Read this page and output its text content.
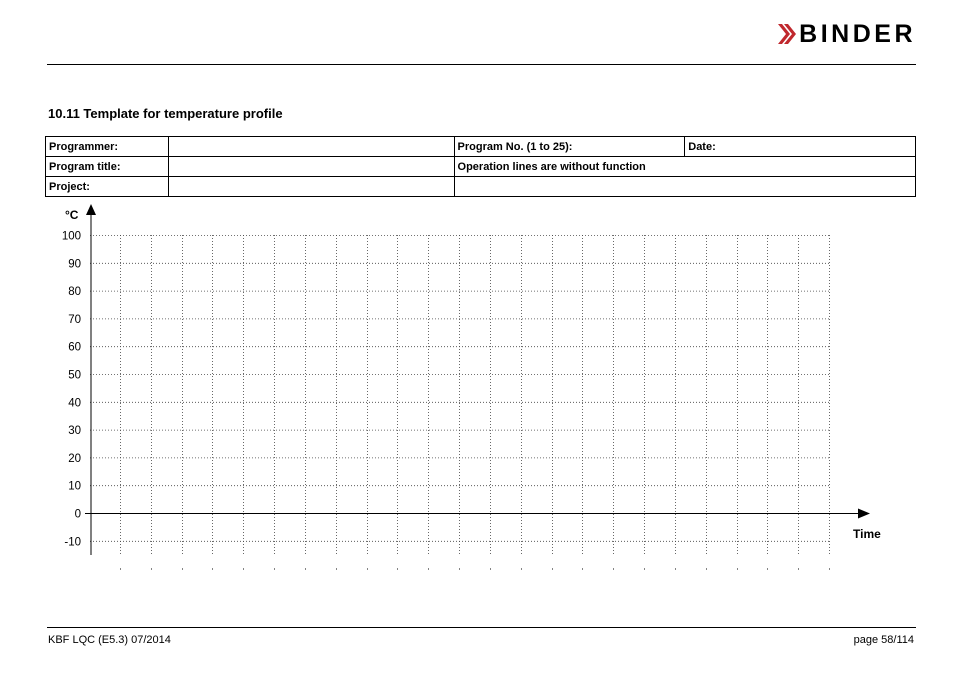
BINDER
10.11 Template for temperature profile
Programmer:		Program No. (1 to 25):	Date:
Program title:		Operation lines are without function	
Project:			
100
90
80
70
60
50
40
30
20
10
0
-10
°C
Time
KBF LQC (E5.3) 07/2014	page 58/114
